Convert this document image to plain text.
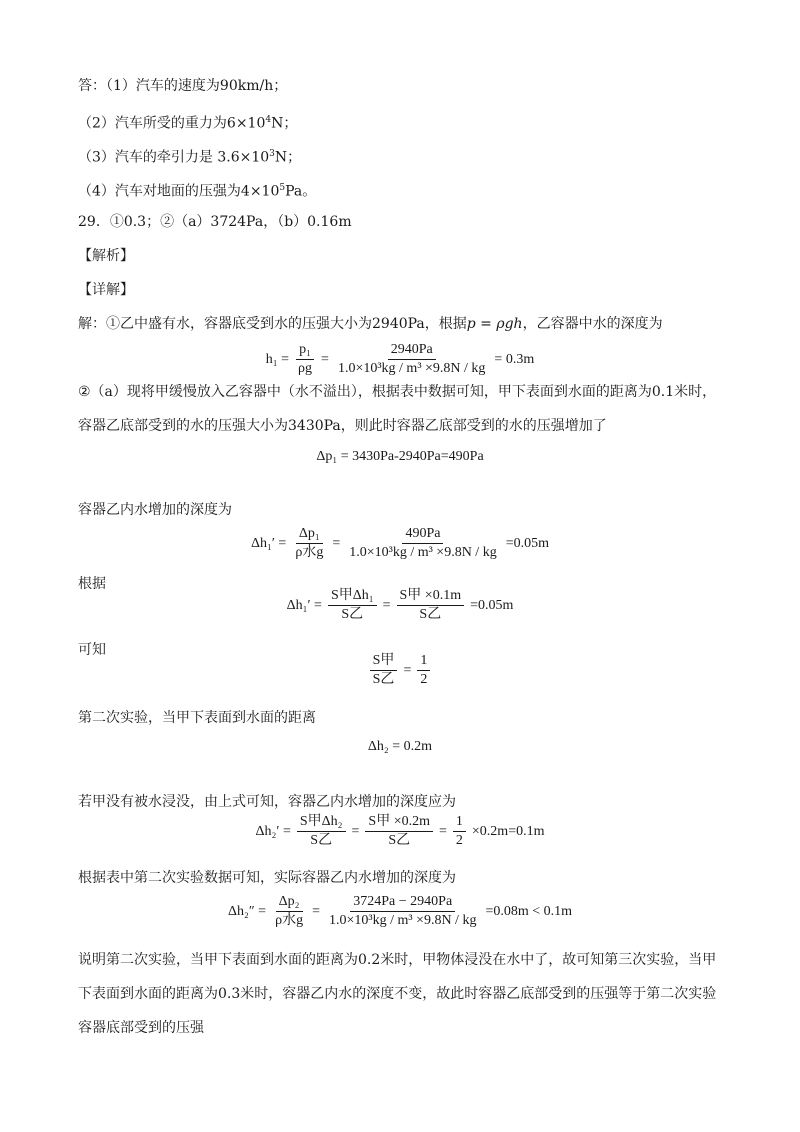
答：（1）汽车的速度为90km/h；
（2）汽车所受的重力为$6\times 10^4N$；
（3）汽车的牵引力是 $3.6\times 10^3N$；
（4）汽车对地面的压强为$4\times 10^5Pa$。
29．①0.3；②（a）3724Pa，（b）0.16m
【解析】
【详解】
解：①乙中盛有水，容器底受到水的压强大小为2940Pa，根据p = ρgh，乙容器中水的深度为
$h_1 = \frac{\text{p₁}}{\rho g} = \frac{2940Pa}{\text{1.0×10³kg / m³ ×9.8N / kg}} = 0.3m$
②（a）现将甲缓慢放入乙容器中（水不溢出），根据表中数据可知，甲下表面到水面的距离为0.1米时，
容器乙底部受到的水的压强大小为3430Pa，则此时容器乙底部受到的水的压强增加了
Δp₁ = 3430Pa-2940Pa=490Pa
容器乙内水增加的深度为
$\Delta h_1' = \frac{\text{Δp₁}}{\text{ρ水g}} = \frac{490Pa}{\text{1.0×10³kg / m³ ×9.8N / kg}} =0.05m$
根据
$\Delta h_1' = \frac{\text{S甲Δh₁}}{\text{S乙}} = \frac{\text{S甲 ×0.1m}}{\text{S乙}} =0.05m$
可知
$\frac{\text{S甲}}{\text{S乙}} = \frac{1}{2}$
第二次实验，当甲下表面到水面的距离
Δh₂ = 0.2m
若甲没有被水浸没，由上式可知，容器乙内水增加的深度应为
$\Delta h_2' = \frac{\text{S甲Δh₂}}{\text{S乙}} = \frac{\text{S甲 ×0.2m}}{\text{S乙}} = \frac{1}{2} \times 0.2m=0.1m$
根据表中第二次实验数据可知，实际容器乙内水增加的深度为
$\Delta h_2'' = \frac{\text{Δp₂}}{\text{ρ水g}} = \frac{3724Pa - 2940Pa}{\text{1.0×10³kg / m³ ×9.8N / kg}} =0.08m < 0.1m$
说明第二次实验，当甲下表面到水面的距离为0.2米时，甲物体浸没在水中了，故可知第三次实验，当甲
下表面到水面的距离为0.3米时，容器乙内水的深度不变，故此时容器乙底部受到的压强等于第二次实验
容器底部受到的压强
